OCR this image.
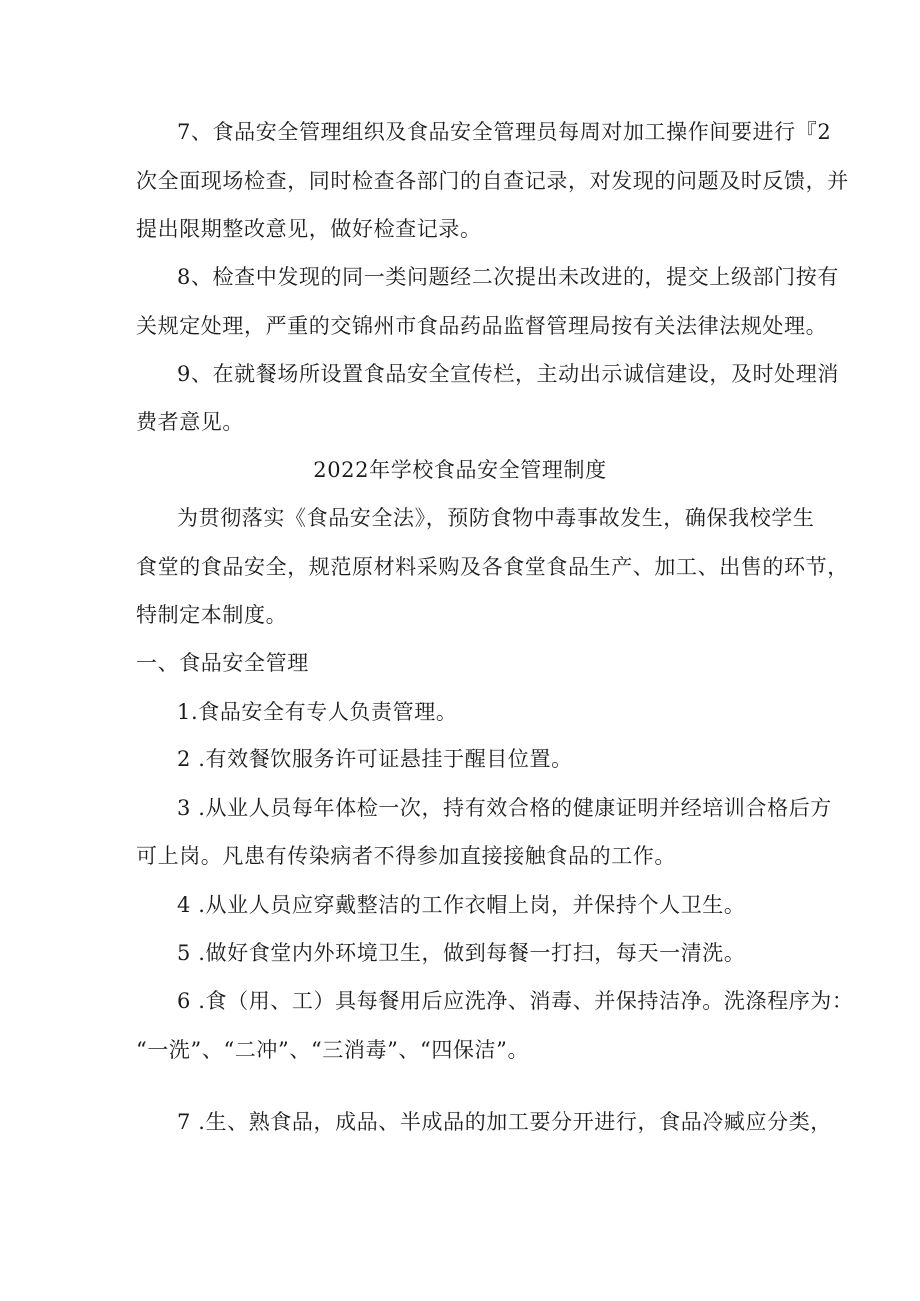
7、食品安全管理组织及食品安全管理员每周对加工操作间要进行『2
次全面现场检查，同时检查各部门的自查记录，对发现的问题及时反馈，并
提出限期整改意见，做好检查记录。
8、检查中发现的同一类问题经二次提出未改进的，提交上级部门按有
关规定处理，严重的交锦州市食品药品监督管理局按有关法律法规处理。
9、在就餐场所设置食品安全宣传栏，主动出示诚信建设，及时处理消
费者意见。
2022年学校食品安全管理制度
为贯彻落实《食品安全法》，预防食物中毒事故发生，确保我校学生
食堂的食品安全，规范原材料采购及各食堂食品生产、加工、出售的环节，
特制定本制度。
一、食品安全管理
1.食品安全有专人负责管理。
2 .有效餐饮服务许可证悬挂于醒目位置。
3 .从业人员每年体检一次，持有效合格的健康证明并经培训合格后方
可上岗。凡患有传染病者不得参加直接接触食品的工作。
4 .从业人员应穿戴整洁的工作衣帽上岗，并保持个人卫生。
5 .做好食堂内外环境卫生，做到每餐一打扫，每天一清洗。
6 .食（用、工）具每餐用后应洗净、消毒、并保持洁净。洗涤程序为：
“一洗”、“二冲”、“三消毒”、“四保洁”。
7 .生、熟食品，成品、半成品的加工要分开进行，食品冷臧应分类，
